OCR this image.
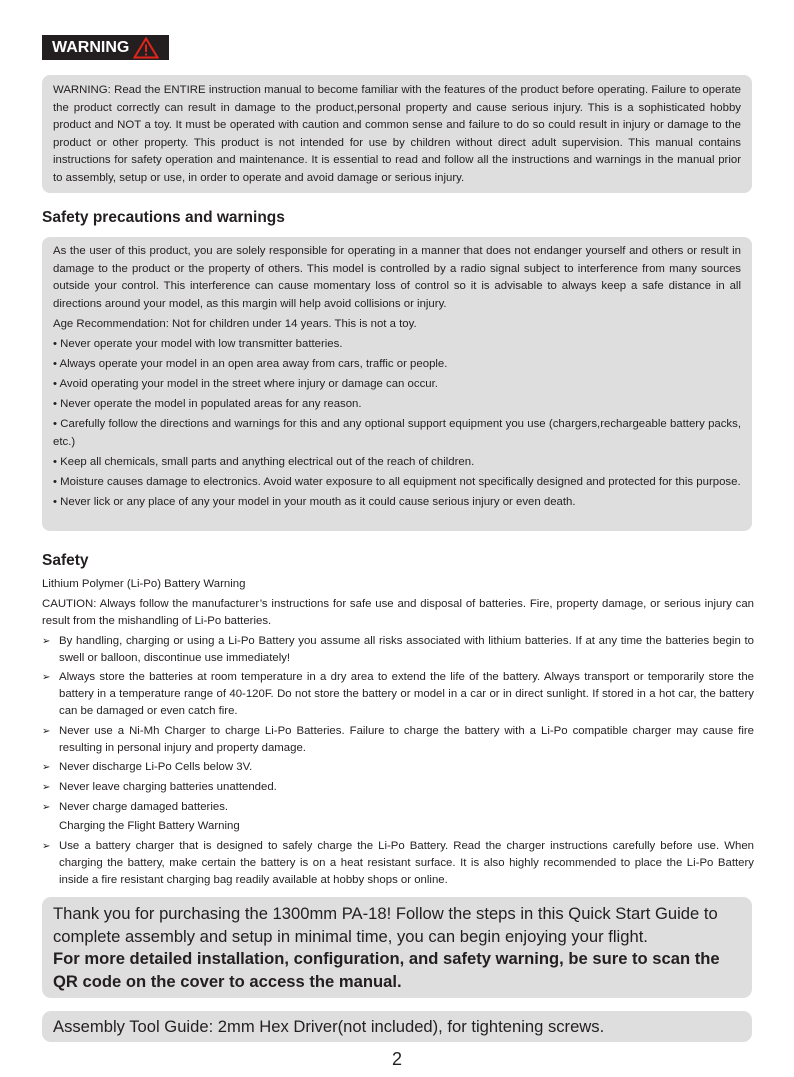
WARNING

WARNING: Read the ENTIRE instruction manual to become familiar with the features of the product before operating. Failure to operate the product correctly can result in damage to the product,personal property and cause serious injury. This is a sophisticated hobby product and NOT a toy. It must be operated with caution and common sense and failure to do so could result in injury or damage to the product or other property. This product is not intended for use by children without direct adult supervision. This manual contains instructions for safety operation and maintenance. It is essential to read and follow all the instructions and warnings in the manual prior to assembly, setup or use, in order to operate and avoid damage or serious injury.

Safety precautions and warnings

As the user of this product, you are solely responsible for operating in a manner that does not endanger yourself and others or result in damage to the product or the property of others. This model is controlled by a radio signal subject to interference from many sources outside your control. This interference can cause momentary loss of control so it is advisable to always keep a safe distance in all directions around your model, as this margin will help avoid collisions or injury.

Age Recommendation: Not for children under 14 years. This is not a toy.

• Never operate your model with low transmitter batteries.

• Always operate your model in an open area away from cars, traffic or people.

• Avoid operating your model in the street where injury or damage can occur.

• Never operate the model in populated areas for any reason.

• Carefully follow the directions and warnings for this and any optional support equipment you use (chargers,rechargeable battery packs, etc.)

• Keep all chemicals, small parts and anything electrical out of the reach of children.

• Moisture causes damage to electronics. Avoid water exposure to all equipment not specifically designed and protected for this purpose.

• Never lick or any place of any your model in your mouth as it could cause serious injury or even death.

Safety

Lithium Polymer (Li-Po) Battery Warning

CAUTION: Always follow the manufacturer’s instructions for safe use and disposal of batteries. Fire, property damage, or serious injury can result from the mishandling of Li-Po batteries.

➢ By handling, charging or using a Li-Po Battery you assume all risks associated with lithium batteries. If at any time the batteries begin to swell or balloon, discontinue use immediately!
➢ Always store the batteries at room temperature in a dry area to extend the life of the battery. Always transport or temporarily store the battery in a temperature range of 40-120F. Do not store the battery or model in a car or in direct sunlight. If stored in a hot car, the battery can be damaged or even catch fire.
➢ Never use a Ni-Mh Charger to charge Li-Po Batteries. Failure to charge the battery with a Li-Po compatible charger may cause fire resulting in personal injury and property damage.
➢ Never discharge Li-Po Cells below 3V.
➢ Never leave charging batteries unattended.
➢ Never charge damaged batteries.
Charging the Flight Battery Warning
➢ Use a battery charger that is designed to safely charge the Li-Po Battery. Read the charger instructions carefully before use. When charging the battery, make certain the battery is on a heat resistant surface. It is also highly recommended to place the Li-Po Battery inside a fire resistant charging bag readily available at hobby shops or online.

Thank you for purchasing the 1300mm PA-18! Follow the steps in this Quick Start Guide to complete assembly and setup in minimal time, you can begin enjoying your flight.

For more detailed installation, configuration, and safety warning, be sure to scan the QR code on the cover to access the manual.

Assembly Tool Guide: 2mm Hex Driver(not included), for tightening screws.

2
